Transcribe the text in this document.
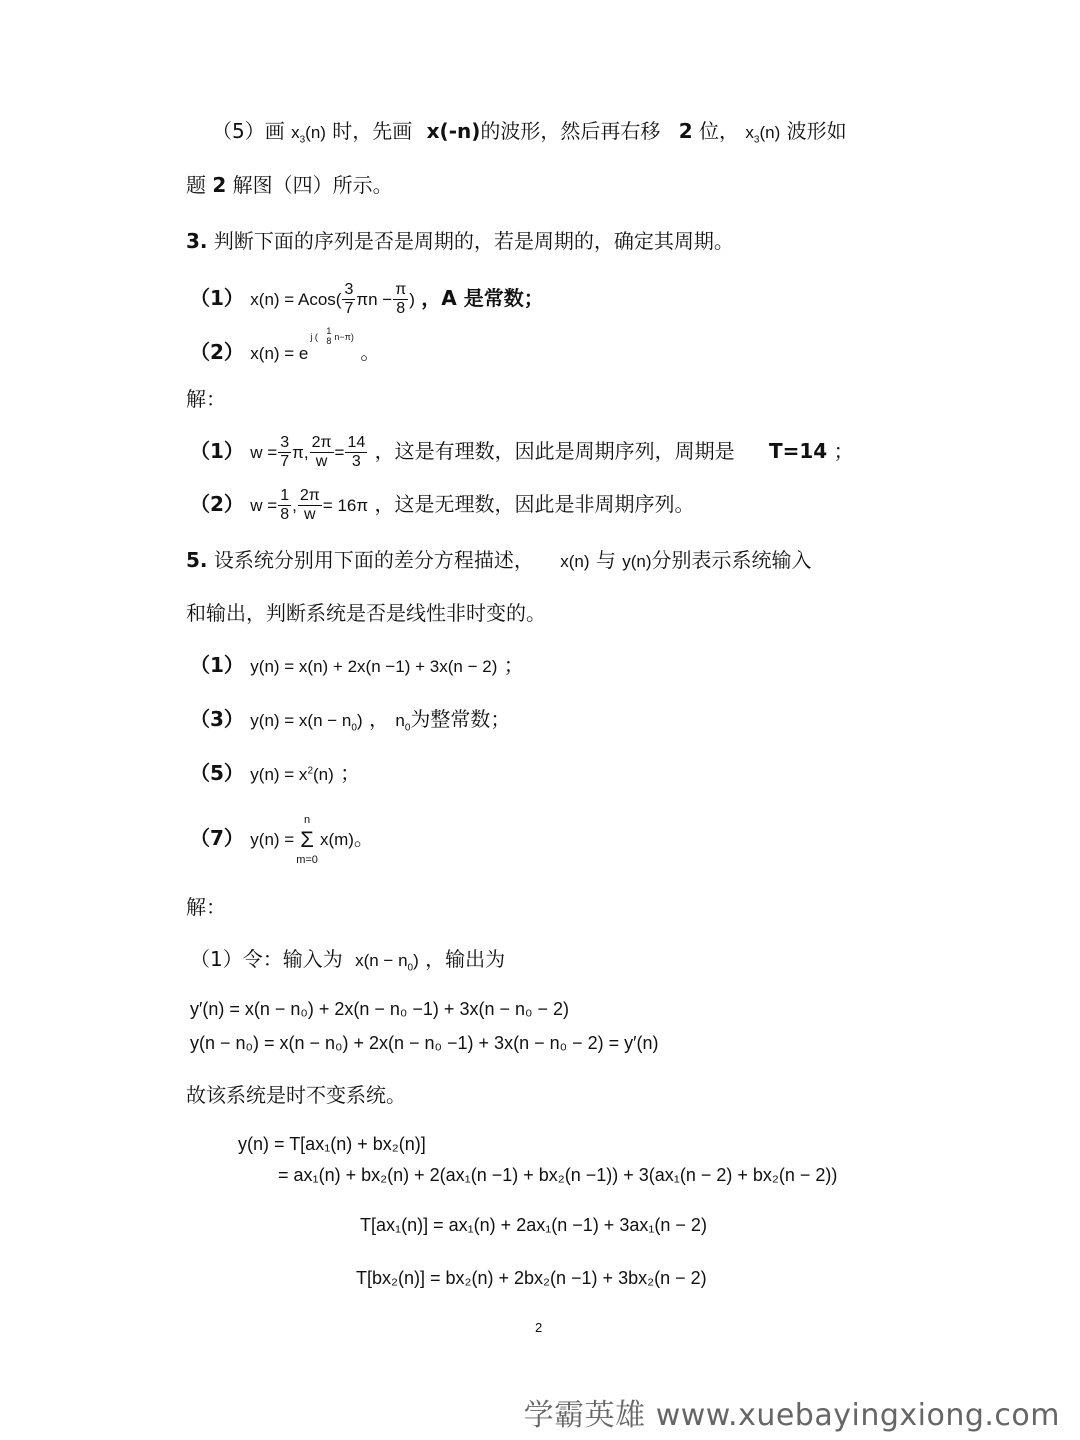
（5）画 $x_3(n)$ 时，先画 x(-n)的波形，然后再右移 2 位， $x_3(n)$ 波形如
题 2 解图（四）所示。
3. 判断下面的序列是否是周期的，若是周期的，确定其周期。
（1） $x(n) = Acos( \frac{3}{7}$ $\pi n - \frac{\pi}{8}$ ) ，A 是常数；
（2） x(n) = e
j (
1
8 n−π)
。
解：
（1） $w = \frac{3}{7} \pi$, $\frac{2\pi}{w} = \frac{14}{3}$ ，这是有理数，因此是周期序列，周期是 T=14 ；
（2） $w = \frac{1}{8}$ , $\frac{2\pi}{w} = 16\pi$ ，这是无理数，因此是非周期序列。
5. 设系统分别用下面的差分方程描述， x(n) 与 y(n)分别表示系统输入
和输出，判断系统是否是线性非时变的。
（1） y(n) = x(n) + 2x(n −1) + 3x(n − 2) ；
（3） $y(n) = x(n - n_0)$ ， $n_0$为整常数；
（5） $y(n) = x^2(n)$ ；
（7） y(n) =
n
Σ
m=0
x(m)。
解：
（1）令：输入为 $x(n - n_0)$ ，输出为
y′(n) = x(n − n₀) + 2x(n − n₀ −1) + 3x(n − n₀ − 2)
y(n − n₀) = x(n − n₀) + 2x(n − n₀ −1) + 3x(n − n₀ − 2) = y′(n)
故该系统是时不变系统。
y(n) = T[ax₁(n) + bx₂(n)]
= ax₁(n) + bx₂(n) + 2(ax₁(n −1) + bx₂(n −1)) + 3(ax₁(n − 2) + bx₂(n − 2))
T[ax₁(n)] = ax₁(n) + 2ax₁(n −1) + 3ax₁(n − 2)
T[bx₂(n)] = bx₂(n) + 2bx₂(n −1) + 3bx₂(n − 2)
2
学霸英雄 www.xuebayingxiong.com
